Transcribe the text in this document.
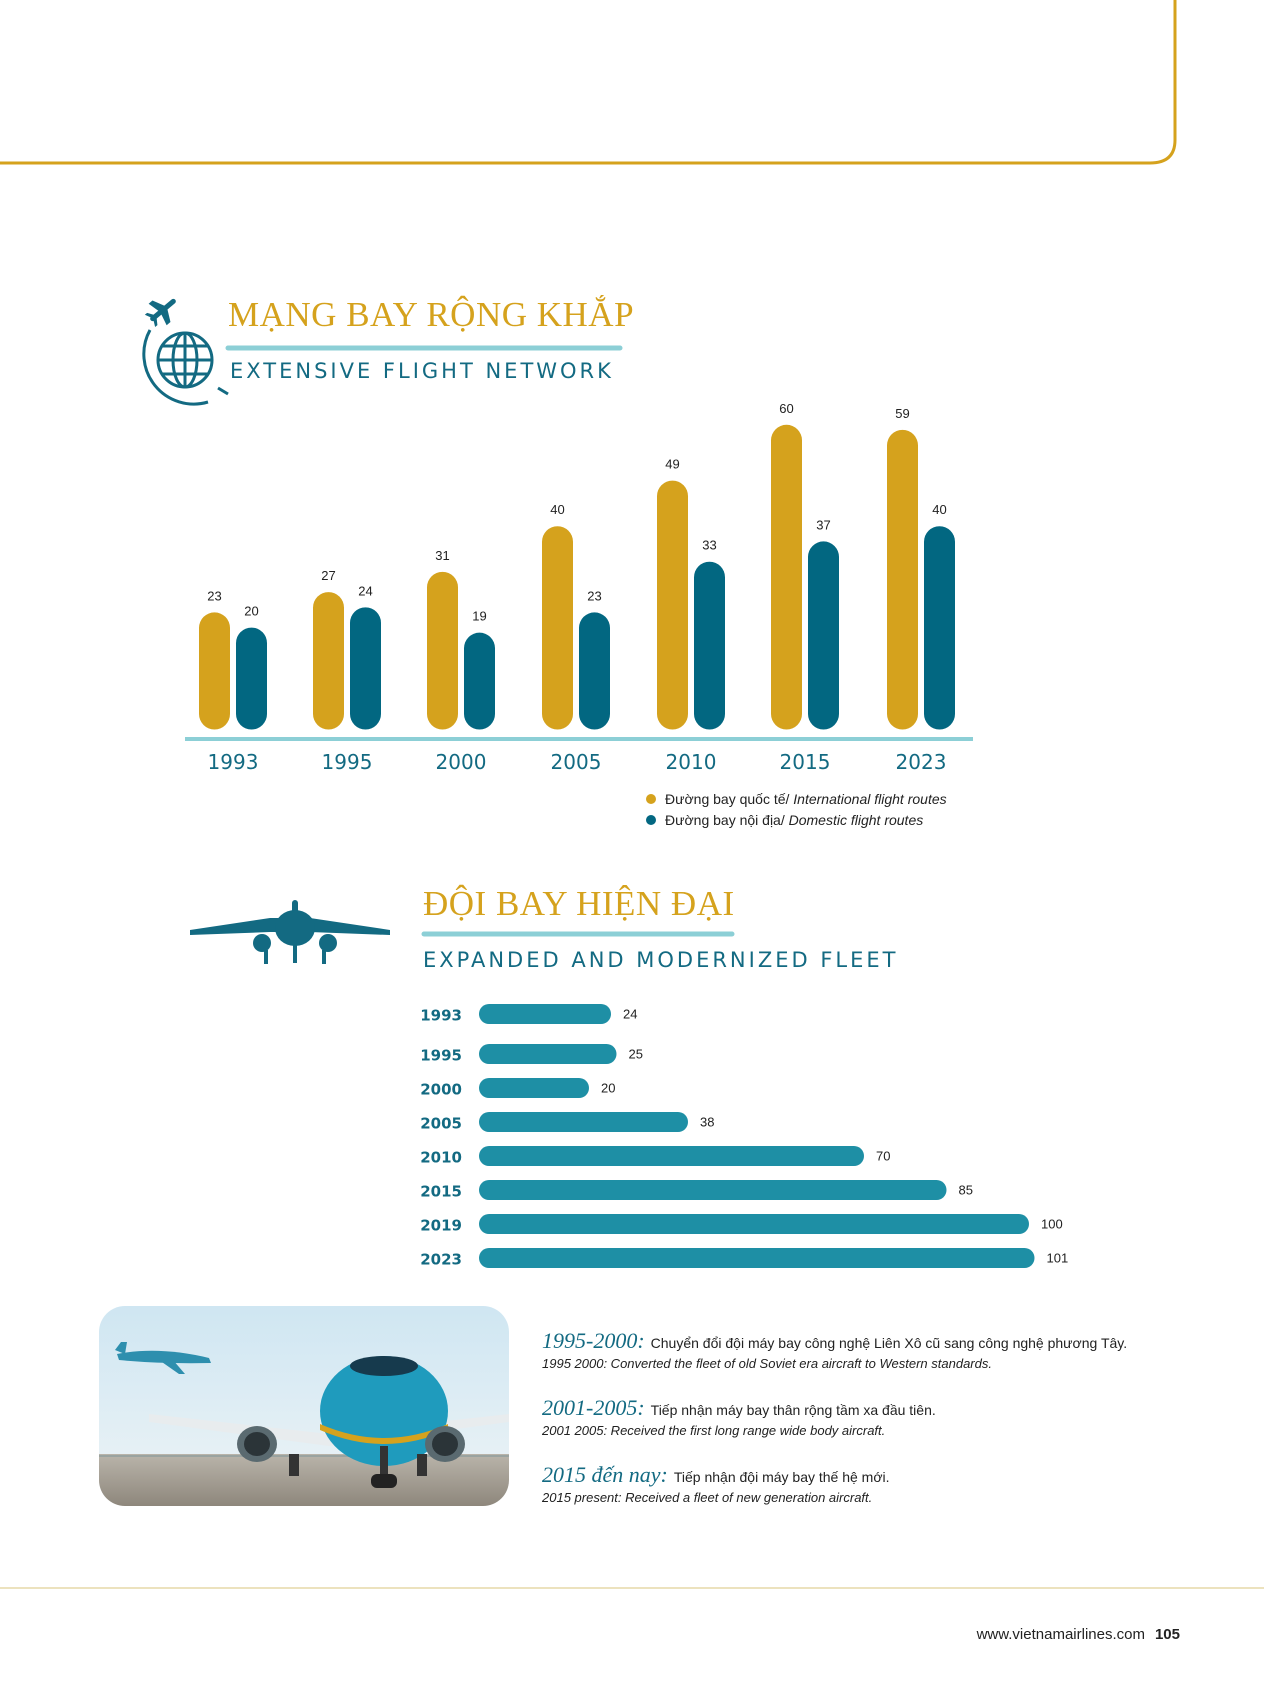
23
20
1993
27
24
1995
31
19
2000
40
23
2005
49
33
2010
60
37
2015
59
40
2023
24
1993
25
1995
20
2000
38
2005
70
2010
85
2015
100
2019
101
2023
MẠNG BAY RỘNG KHẮP
EXTENSIVE FLIGHT NETWORK
Đường bay quốc tế/ International flight routes
Đường bay nội địa/ Domestic flight routes
ĐỘI BAY HIỆN ĐẠI
EXPANDED AND MODERNIZED FLEET
1995-2000: Chuyển đổi đội máy bay công nghệ Liên Xô cũ sang công nghệ phương Tây.
1995 2000: Converted the fleet of old Soviet era aircraft to Western standards.
2001-2005: Tiếp nhận máy bay thân rộng tầm xa đầu tiên.
2001 2005: Received the first long range wide body aircraft.
2015 đến nay: Tiếp nhận đội máy bay thế hệ mới.
2015 present: Received a fleet of new generation aircraft.
www.vietnamairlines.com 105
